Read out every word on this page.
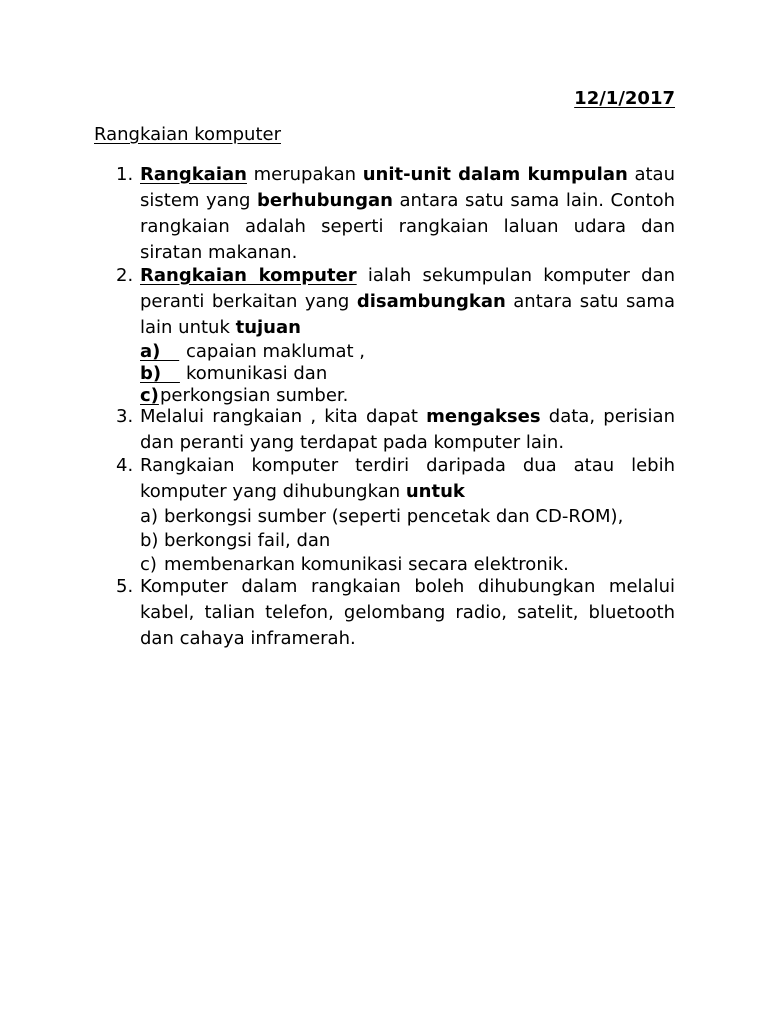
12/1/2017
Rangkaian komputer
1. Rangkaian merupakan unit-unit dalam kumpulan atau sistem yang berhubungan antara satu sama lain. Contoh rangkaian adalah seperti rangkaian laluan udara dan siratan makanan.
2. Rangkaian komputer ialah sekumpulan komputer dan peranti berkaitan yang disambungkan antara satu sama lain untuk tujuan
a) capaian maklumat ,
b) komunikasi dan
c) perkongsian sumber.
3. Melalui rangkaian , kita dapat mengakses data, perisian dan peranti yang terdapat pada komputer lain.
4. Rangkaian komputer terdiri daripada dua atau lebih komputer yang dihubungkan untuk
a) berkongsi sumber (seperti pencetak dan CD-ROM),
b) berkongsi fail, dan
c) membenarkan komunikasi secara elektronik.
5. Komputer dalam rangkaian boleh dihubungkan melalui kabel, talian telefon, gelombang radio, satelit, bluetooth dan cahaya inframerah.
